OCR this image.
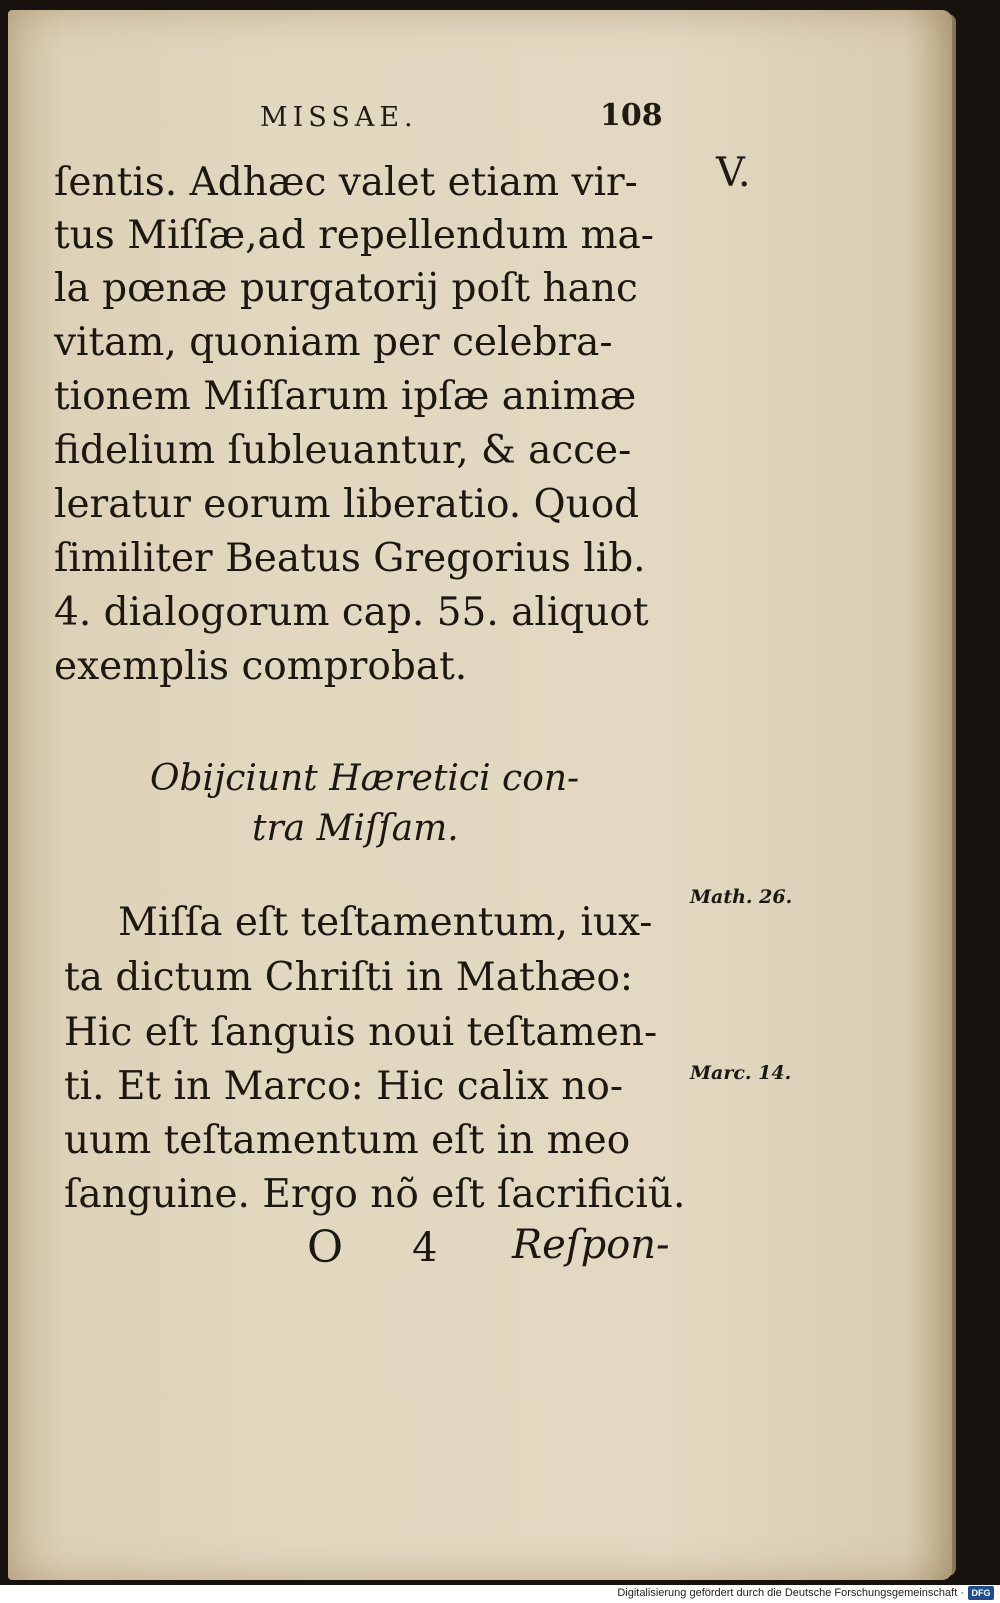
MISSAE.	108
V.
ſentis. Adhæc valet etiam vir-
tus Miſſæ,ad repellendum ma-
la pœnæ purgatorij poſt hanc
vitam, quoniam per celebra-
tionem Miſſarum ipſæ animæ
fidelium ſubleuantur, & acce-
leratur eorum liberatio. Quod
ſimiliter Beatus Gregorius lib.
4. dialogorum cap. 55. aliquot
exemplis comprobat.
Obijciunt Hæretici con-
tra Miſſam.
Math. 26.
Marc. 14.
Miſſa eſt teſtamentum, iux-
ta dictum Chriſti in Mathæo:
Hic eſt ſanguis noui teſtamen-
ti. Et in Marco: Hic calix no-
uum teſtamentum eſt in meo
ſanguine. Ergo nõ eſt ſacrificiũ.
O 4 Reſpon-
Digitalisierung gefördert durch die Deutsche Forschungsgemeinschaft · DFG
